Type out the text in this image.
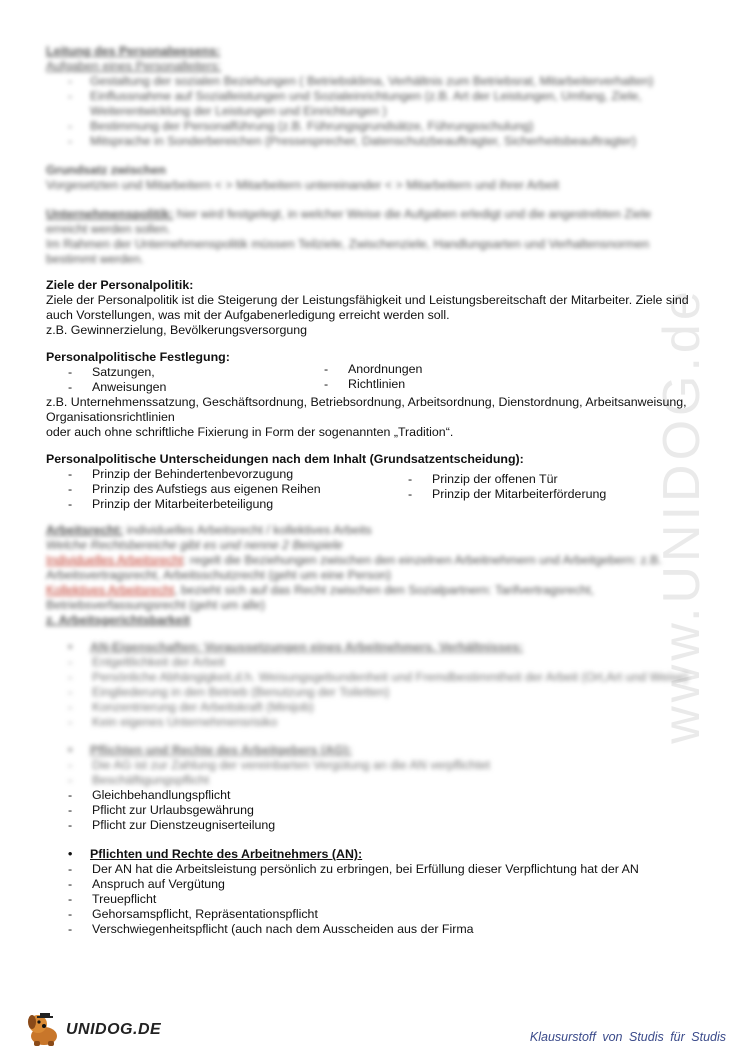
www.UNIDOG.de
Leitung des Personalwesens:
Aufgaben eines Personalleiters:
- Gestaltung der sozialen Beziehungen ( Betriebsklima, Verhältnis zum Betriebsrat, Mitarbeiterverhalten)
- Einflussnahme auf Sozialleistungen und Sozialeinrichtungen (z.B. Art der Leistungen, Umfang, Ziele,
Weiterentwicklung der Leistungen und Einrichtungen )
- Bestimmung der Personalführung (z.B. Führungsgrundsätze, Führungsschulung)
- Mitsprache in Sonderbereichen (Pressesprecher, Datenschutzbeauftragter, Sicherheitsbeauftragter)
Grundsatz zwischen
Vorgesetzten und Mitarbeitern < > Mitarbeitern untereinander < > Mitarbeitern und ihrer Arbeit
Unternehmenspolitik: hier wird festgelegt, in welcher Weise die Aufgaben erledigt und die angestrebten Ziele
erreicht werden sollen.
Im Rahmen der Unternehmenspolitik müssen Teilziele, Zwischenziele, Handlungsarten und Verhaltensnormen
bestimmt werden.
Ziele der Personalpolitik:
Ziele der Personalpolitik ist die Steigerung der Leistungsfähigkeit und Leistungsbereitschaft der Mitarbeiter. Ziele sind
auch Vorstellungen, was mit der Aufgabenerledigung erreicht werden soll.
z.B. Gewinnerzielung, Bevölkerungsversorgung
Personalpolitische Festlegung:
- Satzungen,
- Anweisungen
- Anordnungen
- Richtlinien
z.B. Unternehmenssatzung, Geschäftsordnung, Betriebsordnung, Arbeitsordnung, Dienstordnung, Arbeitsanweisung,
Organisationsrichtlinien
oder auch ohne schriftliche Fixierung in Form der sogenannten „Tradition“.
Personalpolitische Unterscheidungen nach dem Inhalt (Grundsatzentscheidung):
- Prinzip der Behindertenbevorzugung
- Prinzip des Aufstiegs aus eigenen Reihen
- Prinzip der Mitarbeiterbeteiligung
- Prinzip der offenen Tür
- Prinzip der Mitarbeiterförderung
Arbeitsrecht: individuelles Arbeitsrecht / kollektives Arbeits
Welche Rechtsbereiche gibt es und nenne 2 Beispiele
Individuelles Arbeitsrecht: regelt die Beziehungen zwischen den einzelnen Arbeitnehmern und Arbeitgebern: z.B.
Arbeitsvertragsrecht, Arbeitsschutzrecht (geht um eine Person)
Kollektives Arbeitsrecht, bezieht sich auf das Recht zwischen den Sozialpartnern: Tarifvertragsrecht,
Betriebsverfassungsrecht (geht um alle)
z. Arbeitsgerichtsbarkeit
• AN-Eigenschaften: Voraussetzungen eines Arbeitnehmers. Verhältnisses:
- Entgeltlichkeit der Arbeit
- Persönliche Abhängigkeit,d.h. Weisungsgebundenheit und Fremdbestimmtheit der Arbeit (Ort,Art und Weise)
- Eingliederung in den Betrieb (Benutzung der Toiletten)
- Konzentrierung der Arbeitskraft (Minijob)
- Kein eigenes Unternehmensrisiko
• Pflichten und Rechte des Arbeitgebers (AG):
- Die AG ist zur Zahlung der vereinbarten Vergütung an die AN verpflichtet
- Beschäftigungspflicht
- Gleichbehandlungspflicht
- Pflicht zur Urlaubsgewährung
- Pflicht zur Dienstzeugniserteilung
• Pflichten und Rechte des Arbeitnehmers (AN):
- Der AN hat die Arbeitsleistung persönlich zu erbringen, bei Erfüllung dieser Verpflichtung hat der AN
- Anspruch auf Vergütung
- Treuepflicht
- Gehorsamspflicht, Repräsentationspflicht
- Verschwiegenheitspflicht (auch nach dem Ausscheiden aus der Firma
UNIDOG.DE	Klausurstoff von Studis für Studis
